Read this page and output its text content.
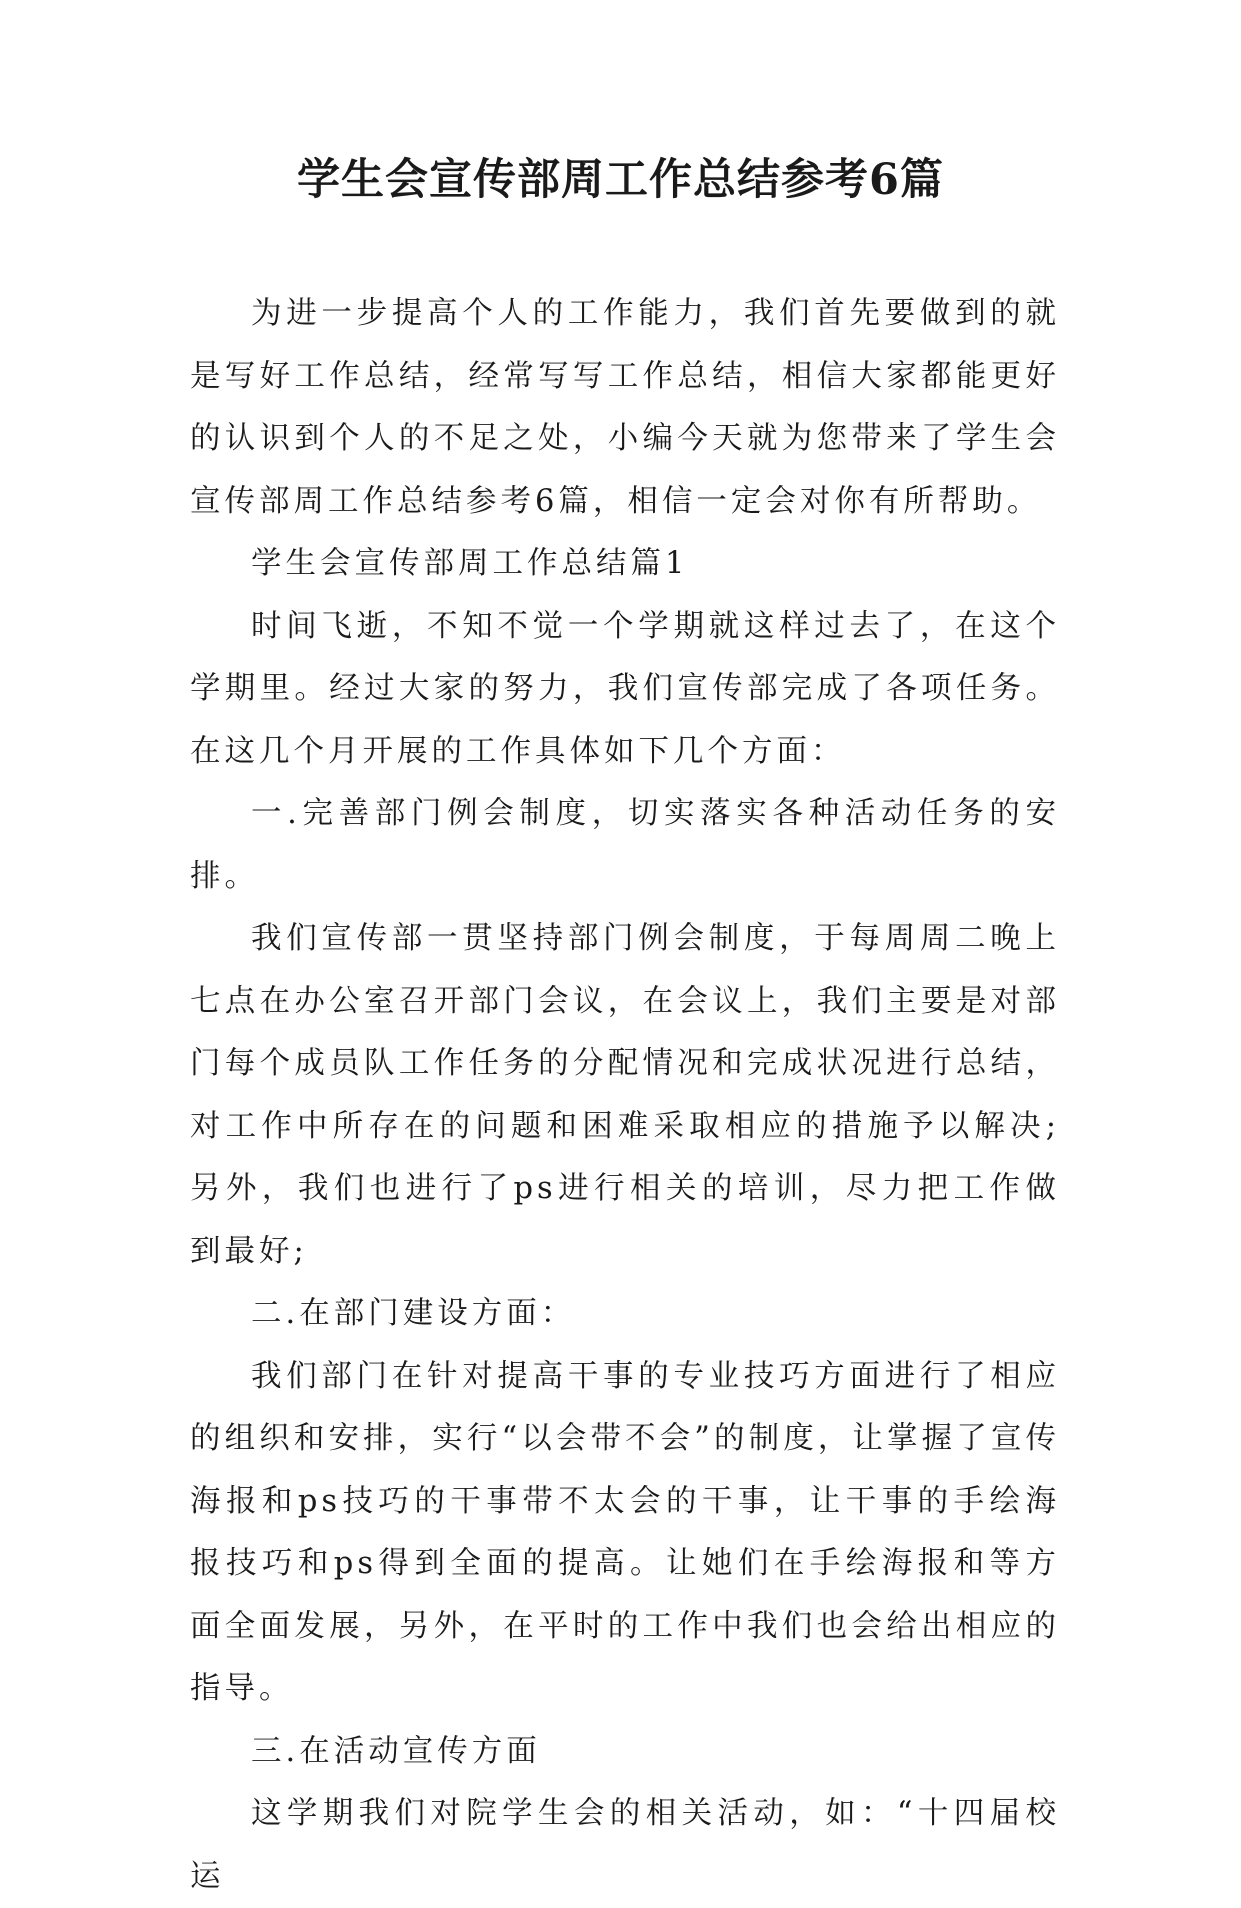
学生会宣传部周工作总结参考6篇

为进一步提高个人的工作能力，我们首先要做到的就是写好工作总结，经常写写工作总结，相信大家都能更好的认识到个人的不足之处，小编今天就为您带来了学生会宣传部周工作总结参考6篇，相信一定会对你有所帮助。

学生会宣传部周工作总结篇1

时间飞逝，不知不觉一个学期就这样过去了，在这个学期里。经过大家的努力，我们宣传部完成了各项任务。在这几个月开展的工作具体如下几个方面：

一.完善部门例会制度，切实落实各种活动任务的安排。

我们宣传部一贯坚持部门例会制度，于每周周二晚上七点在办公室召开部门会议，在会议上，我们主要是对部门每个成员队工作任务的分配情况和完成状况进行总结，对工作中所存在的问题和困难采取相应的措施予以解决;另外，我们也进行了ps进行相关的培训，尽力把工作做到最好;

二.在部门建设方面：

我们部门在针对提高干事的专业技巧方面进行了相应的组织和安排，实行“以会带不会”的制度，让掌握了宣传海报和ps技巧的干事带不太会的干事，让干事的手绘海报技巧和ps得到全面的提高。让她们在手绘海报和等方面全面发展，另外，在平时的工作中我们也会给出相应的指导。

三.在活动宣传方面

这学期我们对院学生会的相关活动，如：“十四届校运
